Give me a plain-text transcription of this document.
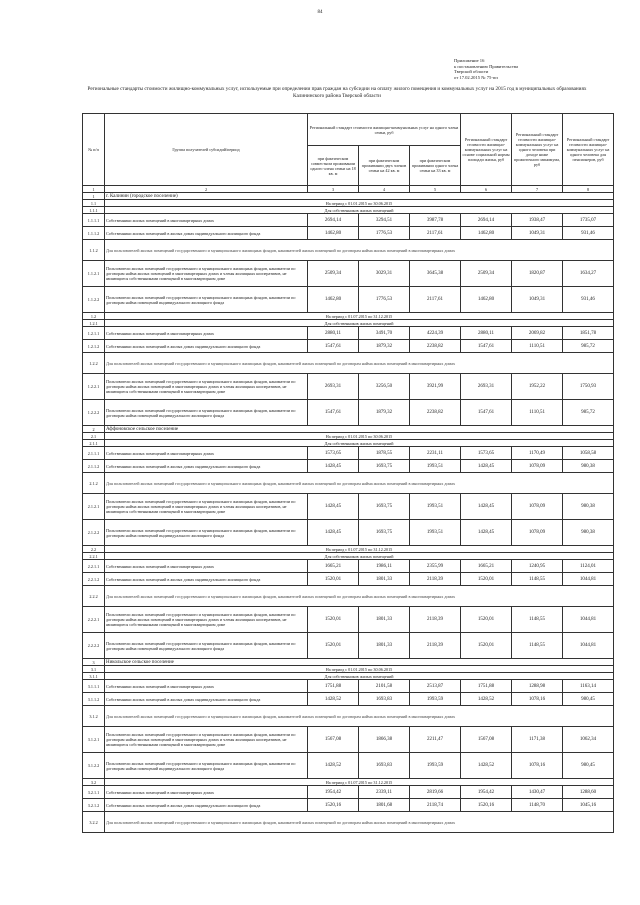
84
Приложение 16
к постановлению Правительства
Тверской области
от 17.02.2015 № 75-пп
Региональные стандарты стоимости жилищно-коммунальных услуг, используемые при определении прав граждан на субсидии на оплату жилого помещения и коммунальных услуг на 2015 год в муниципальных образованиях Калининского района Тверской области
№ п/п	Группа получателей субсидий/период	Региональный стандарт стоимости жилищно-коммунальных услуг на одного члена семьи, руб			Региональный стандарт стоимости жилищно-коммунальных услуг на основе социальной нормы площади жилья, руб	Региональный стандарт стоимости жилищно-коммунальных услуг на одного человека при доходе ниже прожиточного минимума, руб	Региональный стандарт стоимости жилищно-коммунальных услуг на одного человека для пенсионеров, руб
		при фактическом совместном проживании одного члена семьи на 18 кв. м	при фактическом проживании двух членов семьи на 42 кв. м	при фактическом проживании одного члена семьи на 33 кв. м			
1	2	3	4	5	6	7	8
1	г. Калинин (городское поселение)						
1.1	На период с 01.01.2015 по 30.06.2015						
1.1.1	Для собственников жилых помещений						
1.1.1.1	Собственники жилых помещений в многоквартирных домах	2694,14	3294,51	3987,78	2694,14	1938,47	1735,07
1.1.1.2	Собственники жилых помещений в жилых домах индивидуального жилищного фонда	1462,80	1776,53	2117,61	1462,80	1049,31	931,46
1.1.2	Для пользователей жилых помещений государственного и муниципального жилищных фондов, нанимателей жилых помещений по договорам найма жилых помещений в многоквартирных домах						
1.1.2.1	Пользователи жилых помещений государственного и муниципального жилищных фондов, наниматели по договорам найма жилых помещений в многоквартирных домах и члены жилищных кооперативов, не являющиеся собственниками помещений в многоквартирном доме	2509,34	3029,31	3645,38	2509,34	1820,87	1634,27
1.1.2.2	Пользователи жилых помещений государственного и муниципального жилищных фондов, наниматели по договорам найма помещений индивидуального жилищного фонда	1462,80	1776,53	2117,61	1462,80	1049,31	931,46
1.2	На период с 01.07.2015 по 31.12.2015						
1.2.1	Для собственников жилых помещений						
1.2.1.1	Собственники жилых помещений в многоквартирных домах	2880,11	3491,70	4224,39	2880,11	2069,82	1851,78
1.2.1.2	Собственники жилых помещений в жилых домах индивидуального жилищного фонда	1547,61	1879,32	2238,82	1547,61	1110,51	985,72
1.2.2	Для пользователей жилых помещений государственного и муниципального жилищных фондов, нанимателей жилых помещений по договорам найма жилых помещений в многоквартирных домах						
1.2.2.1	Пользователи жилых помещений государственного и муниципального жилищных фондов, наниматели по договорам найма жилых помещений в многоквартирных домах и члены жилищных кооперативов, не являющиеся собственниками помещений в многоквартирном доме	2693,31	3256,50	3921,99	2693,31	1952,22	1750,93
1.2.2.2	Пользователи жилых помещений государственного и муниципального жилищных фондов, наниматели по договорам найма помещений индивидуального жилищного фонда	1547,61	1879,32	2238,82	1547,61	1110,51	985,72
2	Аффоновское сельское поселение						
2.1	На период с 01.01.2015 по 30.06.2015						
2.1.1	Для собственников жилых помещений						
2.1.1.1	Собственники жилых помещений в многоквартирных домах	1573,65	1878,55	2231,11	1573,65	1170,49	1058,58
2.1.1.2	Собственники жилых помещений в жилых домах индивидуального жилищного фонда	1428,45	1693,75	1993,51	1428,45	1078,09	980,38
2.1.2	Для пользователей жилых помещений государственного и муниципального жилищных фондов, нанимателей жилых помещений по договорам найма жилых помещений в многоквартирных домах						
2.1.2.1	Пользователи жилых помещений государственного и муниципального жилищных фондов, наниматели по договорам найма жилых помещений в многоквартирных домах и члены жилищных кооперативов, не являющиеся собственниками помещений в многоквартирном доме	1428,45	1693,75	1993,51	1428,45	1078,09	980,38
2.1.2.2	Пользователи жилых помещений государственного и муниципального жилищных фондов, наниматели по договорам найма помещений индивидуального жилищного фонда	1428,45	1693,75	1993,51	1428,45	1078,09	980,38
2.2	На период с 01.07.2015 по 31.12.2015						
2.2.1	Для собственников жилых помещений						
2.2.1.1	Собственники жилых помещений в многоквартирных домах	1665,21	1986,11	2355,99	1665,21	1240,95	1124,01
2.2.1.2	Собственники жилых помещений в жилых домах индивидуального жилищного фонда	1520,01	1801,33	2118,39	1520,01	1148,55	1044,81
2.2.2	Для пользователей жилых помещений государственного и муниципального жилищных фондов, нанимателей жилых помещений по договорам найма жилых помещений в многоквартирных домах						
2.2.2.1	Пользователи жилых помещений государственного и муниципального жилищных фондов, наниматели по договорам найма жилых помещений в многоквартирных домах и члены жилищных кооперативов, не являющиеся собственниками помещений в многоквартирном доме	1520,01	1801,33	2118,39	1520,01	1148,55	1044,81
2.2.2.2	Пользователи жилых помещений государственного и муниципального жилищных фондов, наниматели по договорам найма помещений индивидуального жилищного фонда	1520,01	1801,33	2118,39	1520,01	1148,55	1044,81
3	Никольское сельское поселение						
3.1	На период с 01.01.2015 по 30.06.2015						
3.1.1	Для собственников жилых помещений						
3.1.1.1	Собственники жилых помещений в многоквартирных домах	1751,88	2101,58	2513,87	1751,88	1288,98	1163,14
3.1.1.2	Собственники жилых помещений в жилых домах индивидуального жилищного фонда	1428,52	1693,83	1993,59	1428,52	1078,16	980,45
3.1.2	Для пользователей жилых помещений государственного и муниципального жилищных фондов, нанимателей жилых помещений по договорам найма жилых помещений в многоквартирных домах						
3.1.2.1	Пользователи жилых помещений государственного и муниципального жилищных фондов, наниматели по договорам найма жилых помещений в многоквартирных домах и члены жилищных кооперативов, не являющиеся собственниками помещений в многоквартирном доме	1567,08	1866,38	2211,47	1567,08	1171,38	1062,34
3.1.2.2	Пользователи жилых помещений государственного и муниципального жилищных фондов, наниматели по договорам найма помещений индивидуального жилищного фонда	1428,52	1693,83	1993,59	1428,52	1078,16	980,45
3.2	На период с 01.07.2015 по 31.12.2015						
3.2.1.1	Собственники жилых помещений в многоквартирных домах	1954,42	2339,11	2819,66	1954,42	1430,47	1288,60
3.2.1.2	Собственники жилых помещений в жилых домах индивидуального жилищного фонда	1520,16	1801,68	2118,74	1520,16	1148,70	1045,16
3.2.2	Для пользователей жилых помещений государственного и муниципального жилищных фондов, нанимателей жилых помещений по договорам найма жилых помещений в многоквартирных домах						
